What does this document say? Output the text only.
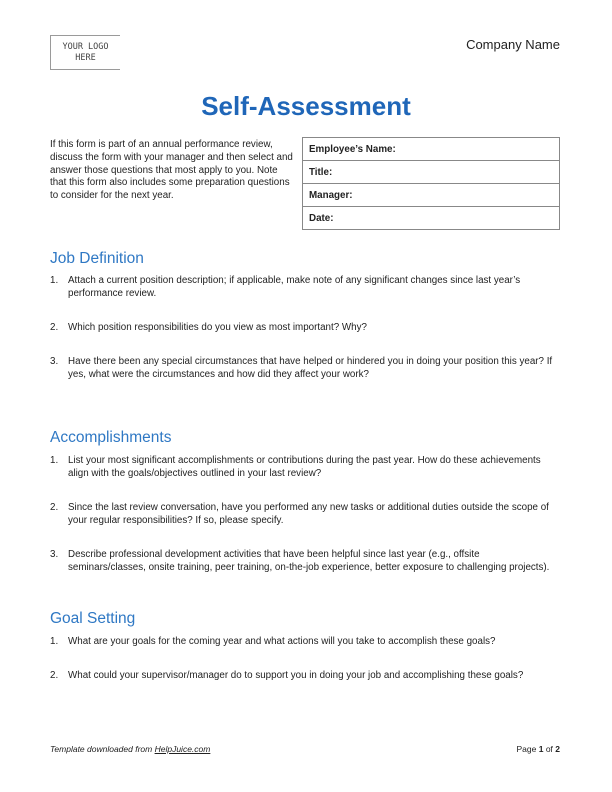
YOUR LOGO
HERE
Company Name
Self-Assessment
If this form is part of an annual performance review, discuss the form with your manager and then select and answer those questions that most apply to you. Note that this form also includes some preparation questions to consider for the next year.
Employee’s Name:
Title:
Manager:
Date:
Job Definition
1. Attach a current position description; if applicable, make note of any significant changes since last year’s performance review.
2. Which position responsibilities do you view as most important? Why?
3. Have there been any special circumstances that have helped or hindered you in doing your position this year? If yes, what were the circumstances and how did they affect your work?
Accomplishments
1. List your most significant accomplishments or contributions during the past year. How do these achievements align with the goals/objectives outlined in your last review?
2. Since the last review conversation, have you performed any new tasks or additional duties outside the scope of your regular responsibilities? If so, please specify.
3. Describe professional development activities that have been helpful since last year (e.g., offsite seminars/classes, onsite training, peer training, on-the-job experience, better exposure to challenging projects).
Goal Setting
1. What are your goals for the coming year and what actions will you take to accomplish these goals?
2. What could your supervisor/manager do to support you in doing your job and accomplishing these goals?
Template downloaded from HelpJuice.com	Page 1 of 2
